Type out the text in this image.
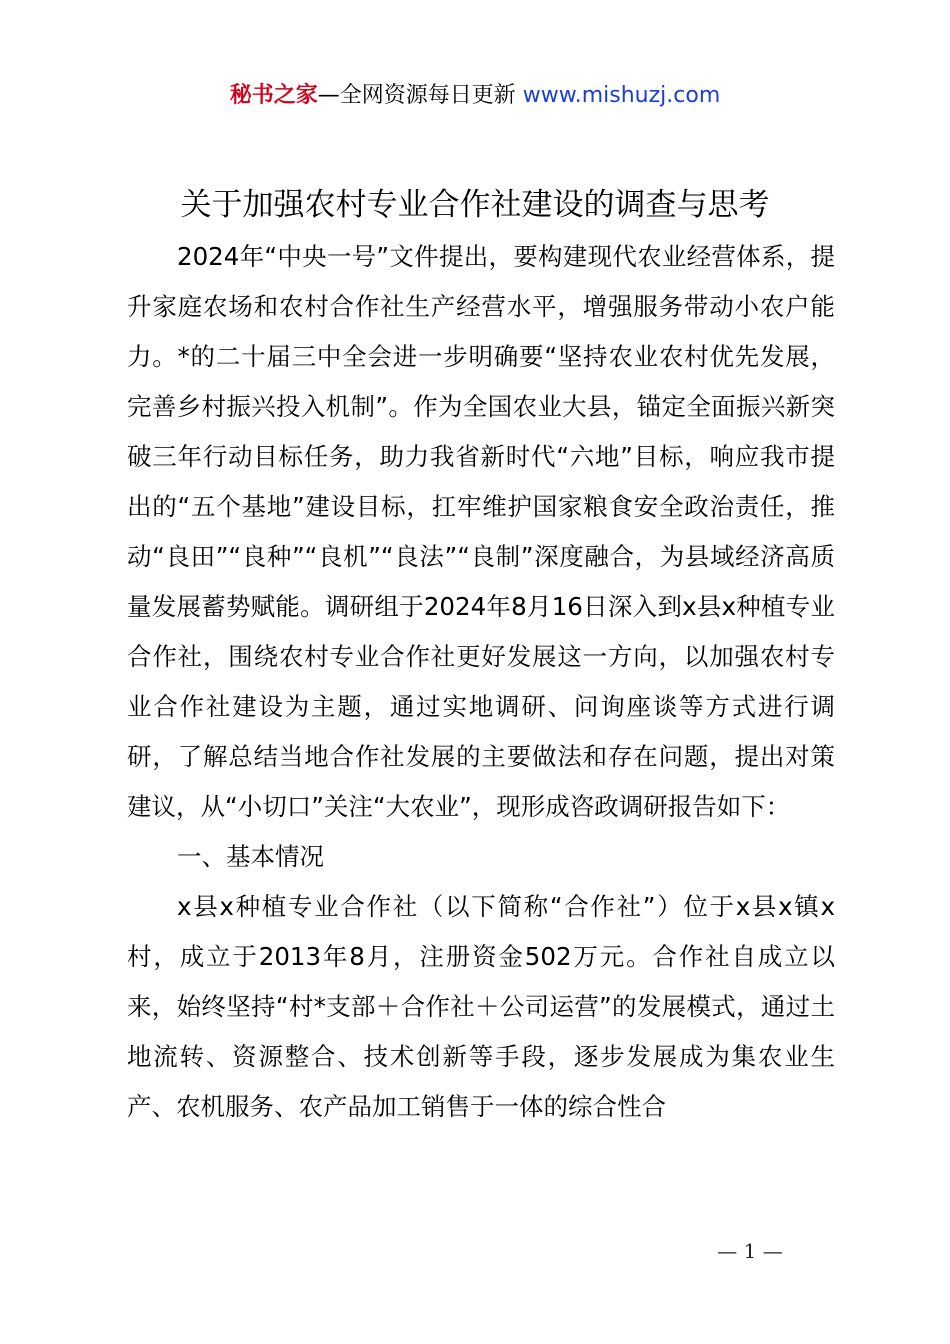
秘书之家—全网资源每日更新 www.mishuzj.com
关于加强农村专业合作社建设的调查与思考

2024年“中央一号”文件提出，要构建现代农业经营体系，提升家庭农场和农村合作社生产经营水平，增强服务带动小农户能力。*的二十届三中全会进一步明确要“坚持农业农村优先发展，完善乡村振兴投入机制”。作为全国农业大县，锚定全面振兴新突破三年行动目标任务，助力我省新时代“六地”目标，响应我市提出的“五个基地”建设目标，扛牢维护国家粮食安全政治责任，推动“良田”“良种”“良机”“良法”“良制”深度融合，为县域经济高质量发展蓄势赋能。调研组于2024年8月16日深入到x县x种植专业合作社，围绕农村专业合作社更好发展这一方向，以加强农村专业合作社建设为主题，通过实地调研、问询座谈等方式进行调研，了解总结当地合作社发展的主要做法和存在问题，提出对策建议，从“小切口”关注“大农业”，现形成咨政调研报告如下：

一、基本情况

x县x种植专业合作社（以下简称“合作社”）位于x县x镇x村，成立于2013年8月，注册资金502万元。合作社自成立以来，始终坚持“村*支部＋合作社＋公司运营”的发展模式，通过土地流转、资源整合、技术创新等手段，逐步发展成为集农业生产、农机服务、农产品加工销售于一体的综合性合

— 1 —
